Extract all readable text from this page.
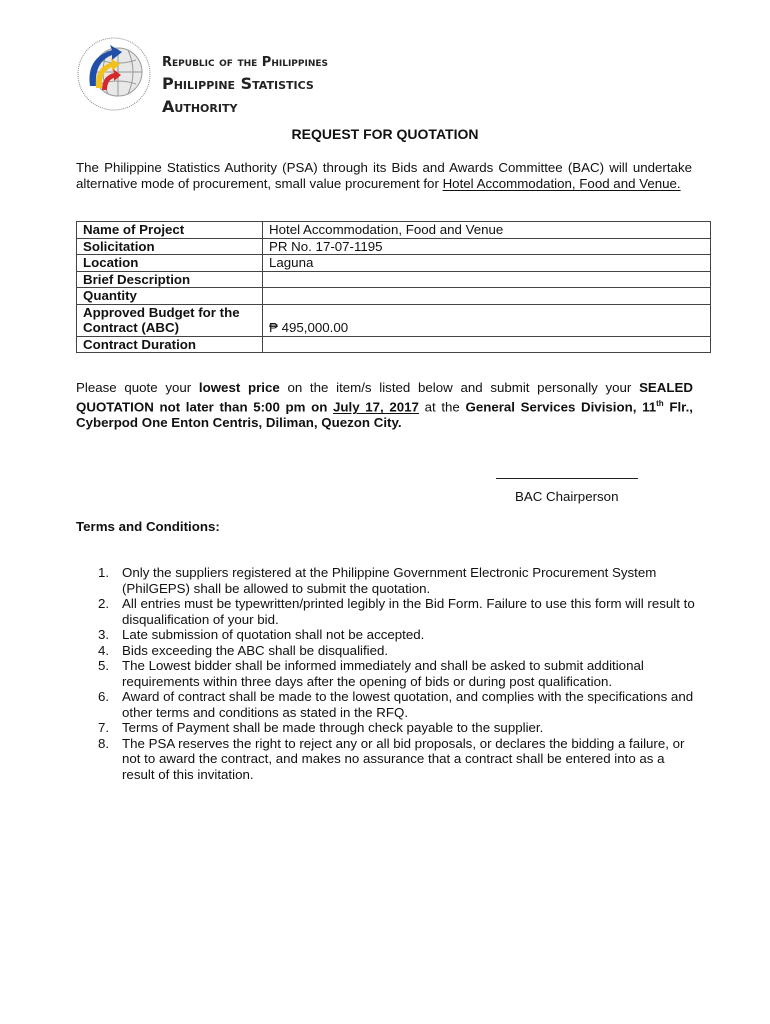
Republic of the Philippines
Philippine Statistics
Authority
REQUEST FOR QUOTATION
The Philippine Statistics Authority (PSA) through its Bids and Awards Committee (BAC) will undertake alternative mode of procurement, small value procurement for Hotel Accommodation, Food and Venue.
Name of Project	Hotel Accommodation, Food and Venue
Solicitation	PR No. 17-07-1195
Location	Laguna
Brief Description	
Quantity	
Approved Budget for the Contract (ABC)	₱ 495,000.00
Contract Duration	
Please quote your lowest price on the item/s listed below and submit personally your SEALED QUOTATION not later than 5:00 pm on July 17, 2017 at the General Services Division, 11th Flr., Cyberpod One Enton Centris, Diliman, Quezon City.
BAC Chairperson
Terms and Conditions:
1. Only the suppliers registered at the Philippine Government Electronic Procurement System (PhilGEPS) shall be allowed to submit the quotation.
2. All entries must be typewritten/printed legibly in the Bid Form. Failure to use this form will result to disqualification of your bid.
3. Late submission of quotation shall not be accepted.
4. Bids exceeding the ABC shall be disqualified.
5. The Lowest bidder shall be informed immediately and shall be asked to submit additional requirements within three days after the opening of bids or during post qualification.
6. Award of contract shall be made to the lowest quotation, and complies with the specifications and other terms and conditions as stated in the RFQ.
7. Terms of Payment shall be made through check payable to the supplier.
8. The PSA reserves the right to reject any or all bid proposals, or declares the bidding a failure, or not to award the contract, and makes no assurance that a contract shall be entered into as a result of this invitation.
